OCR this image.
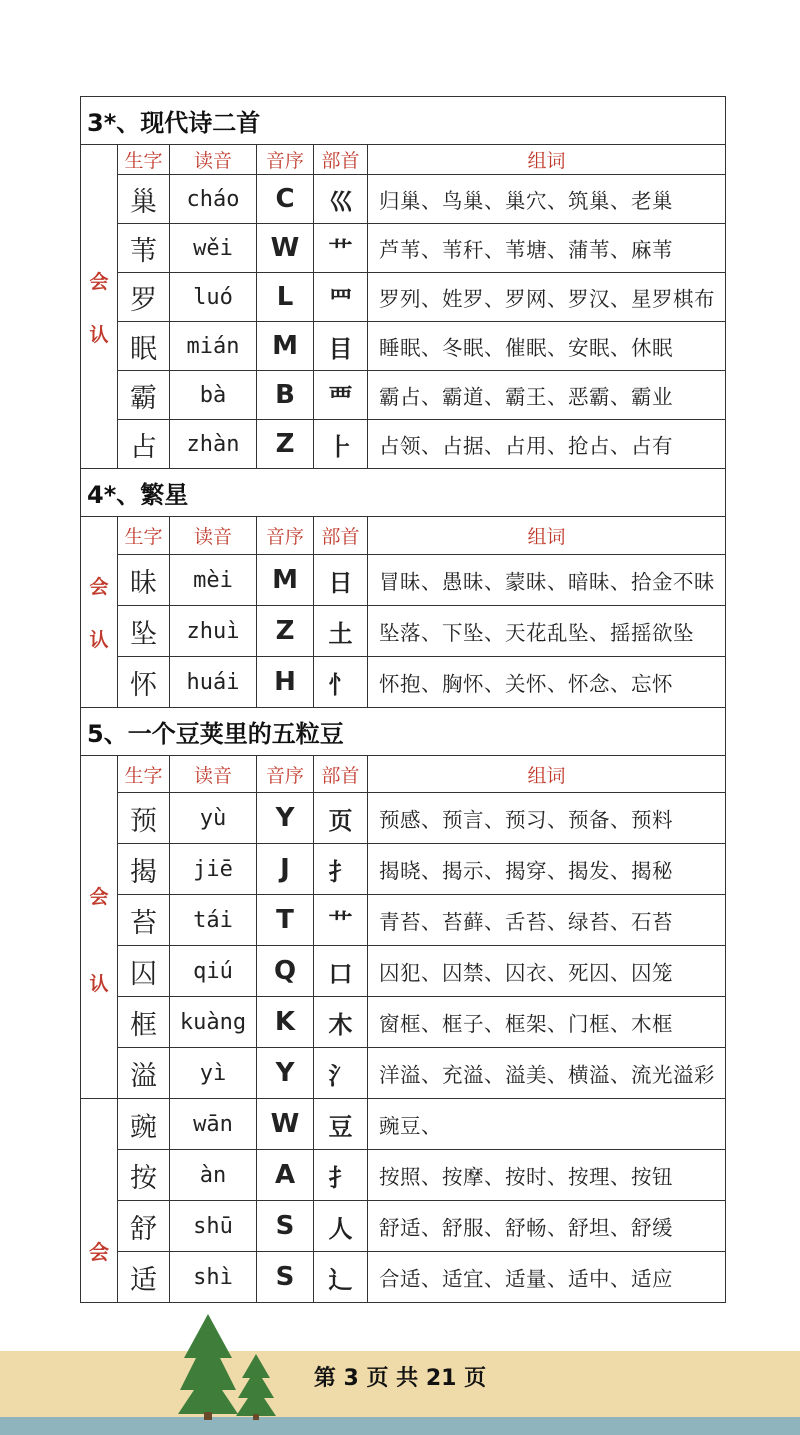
3*、现代诗二首					

会
认	生字	读音	音序	部首	组词
	巢	cháo	C	巛	归巢、鸟巢、巢穴、筑巢、老巢
	苇	wěi	W	艹	芦苇、苇秆、苇塘、蒲苇、麻苇
	罗	luó	L	罒	罗列、姓罗、罗网、罗汉、星罗棋布
	眠	mián	M	目	睡眠、冬眠、催眠、安眠、休眠
	霸	bà	B	覀	霸占、霸道、霸王、恶霸、霸业
	占	zhàn	Z	⺊	占领、占据、占用、抢占、占有
4*、繁星					

会
认	生字	读音	音序	部首	组词
	昧	mèi	M	日	冒昧、愚昧、蒙昧、暗昧、拾金不昧
	坠	zhuì	Z	土	坠落、下坠、天花乱坠、摇摇欲坠
	怀	huái	H	忄	怀抱、胸怀、关怀、怀念、忘怀
5、一个豆荚里的五粒豆					

会
认	生字	读音	音序	部首	组词
	预	yù	Y	页	预感、预言、预习、预备、预料
	揭	jiē	J	扌	揭晓、揭示、揭穿、揭发、揭秘
	苔	tái	T	艹	青苔、苔藓、舌苔、绿苔、石苔
	囚	qiú	Q	口	囚犯、囚禁、囚衣、死囚、囚笼
	框	kuàng	K	木	窗框、框子、框架、门框、木框
	溢	yì	Y	氵	洋溢、充溢、溢美、横溢、流光溢彩

会	豌	wān	W	豆	豌豆、
	按	àn	A	扌	按照、按摩、按时、按理、按钮
	舒	shū	S	人	舒适、舒服、舒畅、舒坦、舒缓
	适	shì	S	辶	合适、适宜、适量、适中、适应
第 3 页 共 21 页
